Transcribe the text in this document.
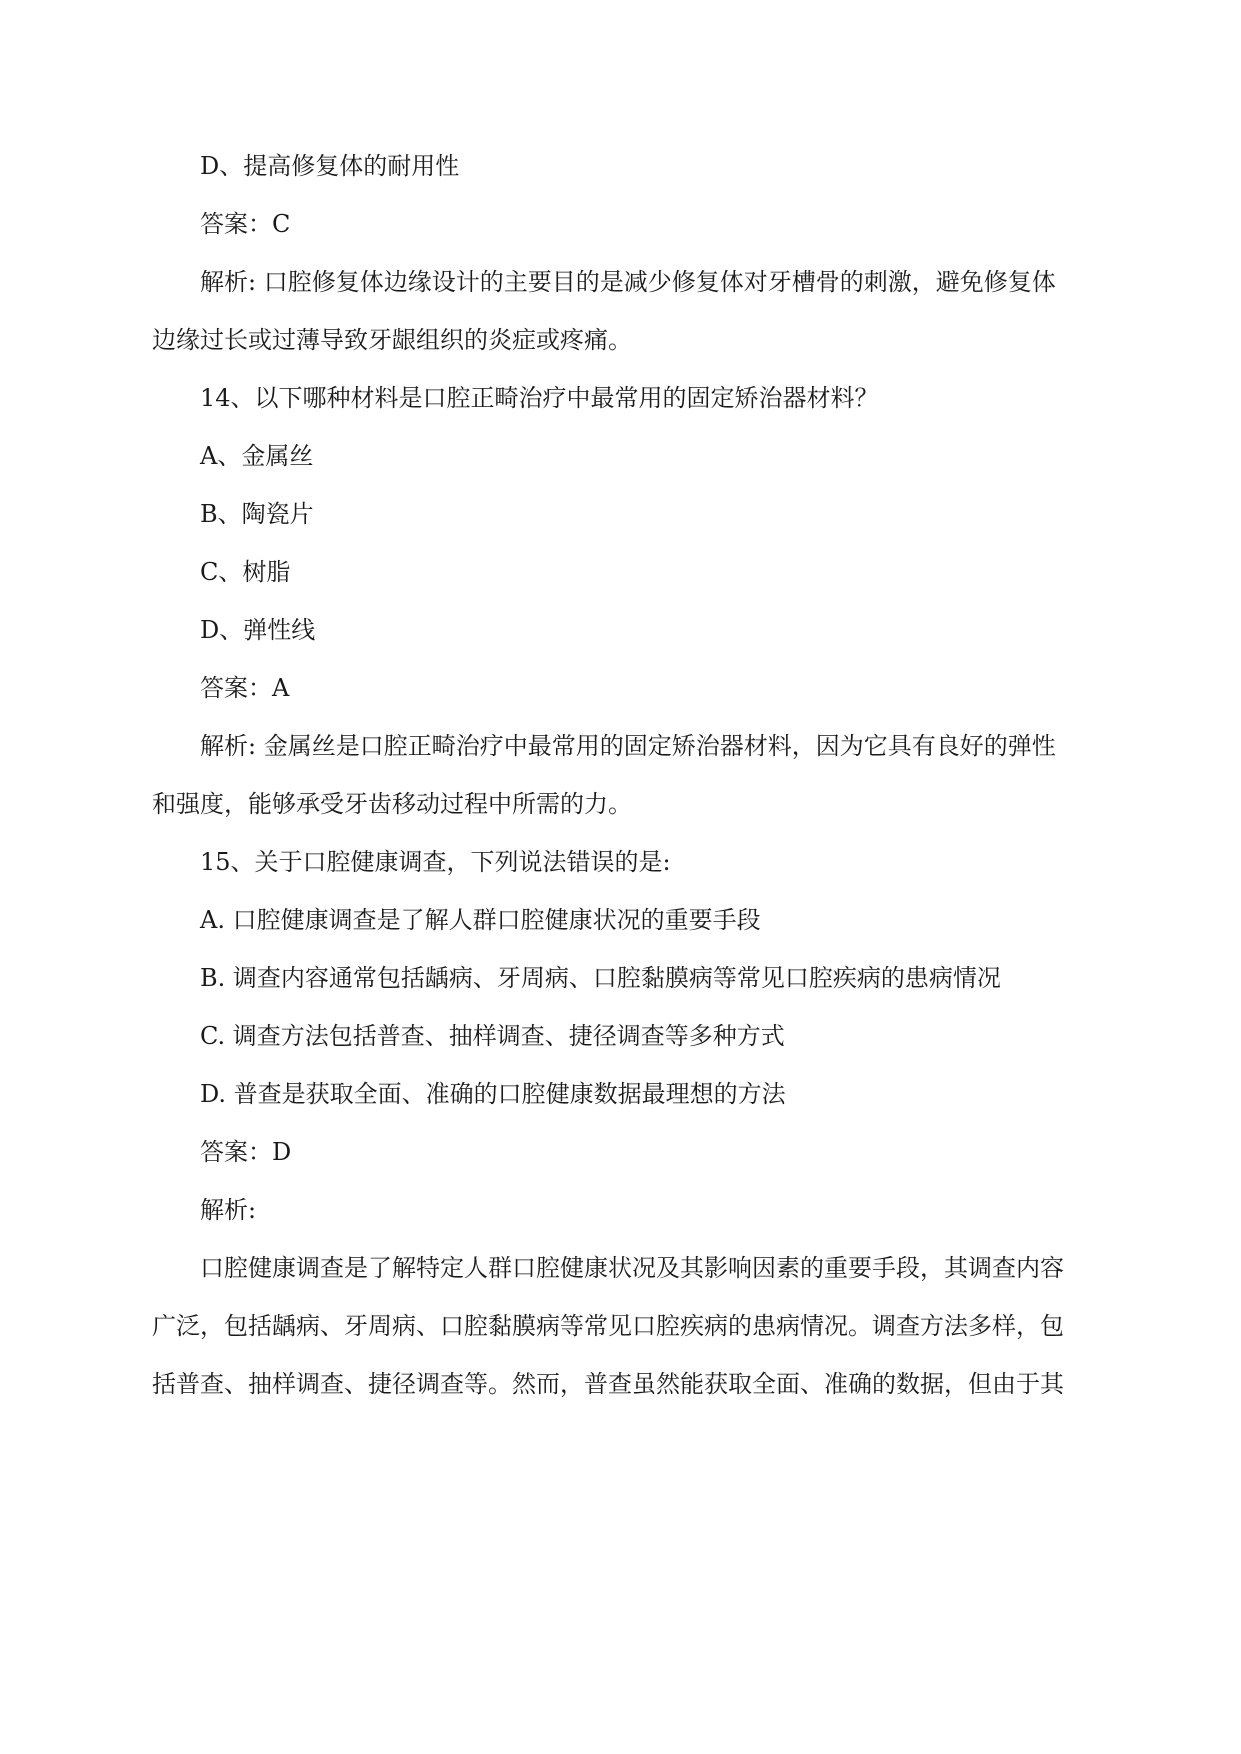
D、提高修复体的耐用性
答案：C
解析: 口腔修复体边缘设计的主要目的是减少修复体对牙槽骨的刺激，避免修复体
边缘过长或过薄导致牙龈组织的炎症或疼痛。
14、以下哪种材料是口腔正畸治疗中最常用的固定矫治器材料？
A、金属丝
B、陶瓷片
C、树脂
D、弹性线
答案：A
解析: 金属丝是口腔正畸治疗中最常用的固定矫治器材料，因为它具有良好的弹性
和强度，能够承受牙齿移动过程中所需的力。
15、关于口腔健康调查，下列说法错误的是:
A. 口腔健康调查是了解人群口腔健康状况的重要手段
B. 调查内容通常包括龋病、牙周病、口腔黏膜病等常见口腔疾病的患病情况
C. 调查方法包括普查、抽样调查、捷径调查等多种方式
D. 普查是获取全面、准确的口腔健康数据最理想的方法
答案：D
解析:
口腔健康调查是了解特定人群口腔健康状况及其影响因素的重要手段，其调查内容
广泛，包括龋病、牙周病、口腔黏膜病等常见口腔疾病的患病情况。调查方法多样，包
括普查、抽样调查、捷径调查等。然而，普查虽然能获取全面、准确的数据，但由于其
